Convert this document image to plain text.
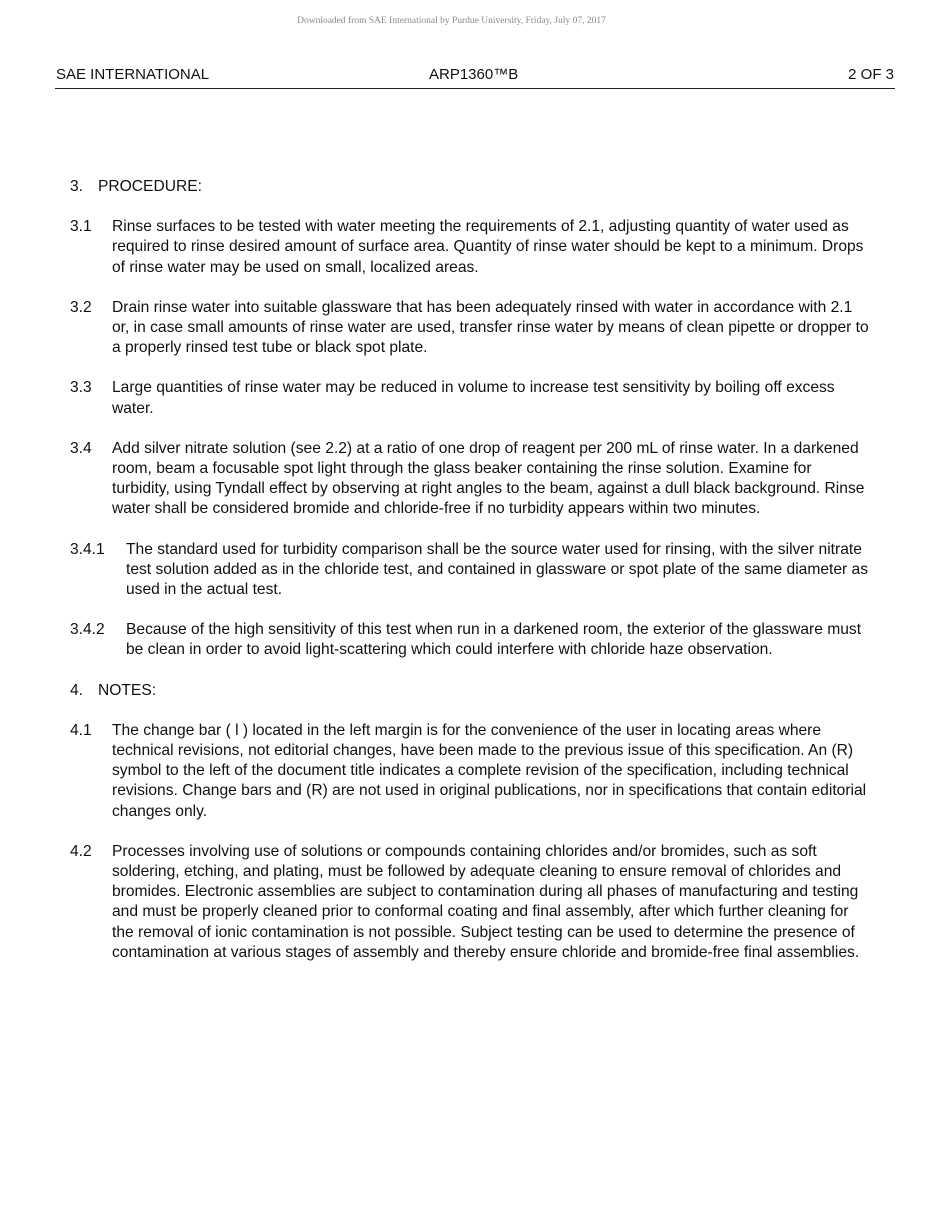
Downloaded from SAE International by Purdue University, Friday, July 07, 2017
SAE INTERNATIONAL	ARP1360™B	2 OF 3
3. PROCEDURE:
3.1	Rinse surfaces to be tested with water meeting the requirements of 2.1, adjusting quantity of water used as required to rinse desired amount of surface area. Quantity of rinse water should be kept to a minimum. Drops of rinse water may be used on small, localized areas.
3.2	Drain rinse water into suitable glassware that has been adequately rinsed with water in accordance with 2.1 or, in case small amounts of rinse water are used, transfer rinse water by means of clean pipette or dropper to a properly rinsed test tube or black spot plate.
3.3	Large quantities of rinse water may be reduced in volume to increase test sensitivity by boiling off excess water.
3.4	Add silver nitrate solution (see 2.2) at a ratio of one drop of reagent per 200 mL of rinse water. In a darkened room, beam a focusable spot light through the glass beaker containing the rinse solution. Examine for turbidity, using Tyndall effect by observing at right angles to the beam, against a dull black background. Rinse water shall be considered bromide and chloride-free if no turbidity appears within two minutes.
3.4.1	The standard used for turbidity comparison shall be the source water used for rinsing, with the silver nitrate test solution added as in the chloride test, and contained in glassware or spot plate of the same diameter as used in the actual test.
3.4.2	Because of the high sensitivity of this test when run in a darkened room, the exterior of the glassware must be clean in order to avoid light-scattering which could interfere with chloride haze observation.
4. NOTES:
4.1	The change bar ( l ) located in the left margin is for the convenience of the user in locating areas where technical revisions, not editorial changes, have been made to the previous issue of this specification. An (R) symbol to the left of the document title indicates a complete revision of the specification, including technical revisions. Change bars and (R) are not used in original publications, nor in specifications that contain editorial changes only.
4.2	Processes involving use of solutions or compounds containing chlorides and/or bromides, such as soft soldering, etching, and plating, must be followed by adequate cleaning to ensure removal of chlorides and bromides. Electronic assemblies are subject to contamination during all phases of manufacturing and testing and must be properly cleaned prior to conformal coating and final assembly, after which further cleaning for the removal of ionic contamination is not possible. Subject testing can be used to determine the presence of contamination at various stages of assembly and thereby ensure chloride and bromide-free final assemblies.
